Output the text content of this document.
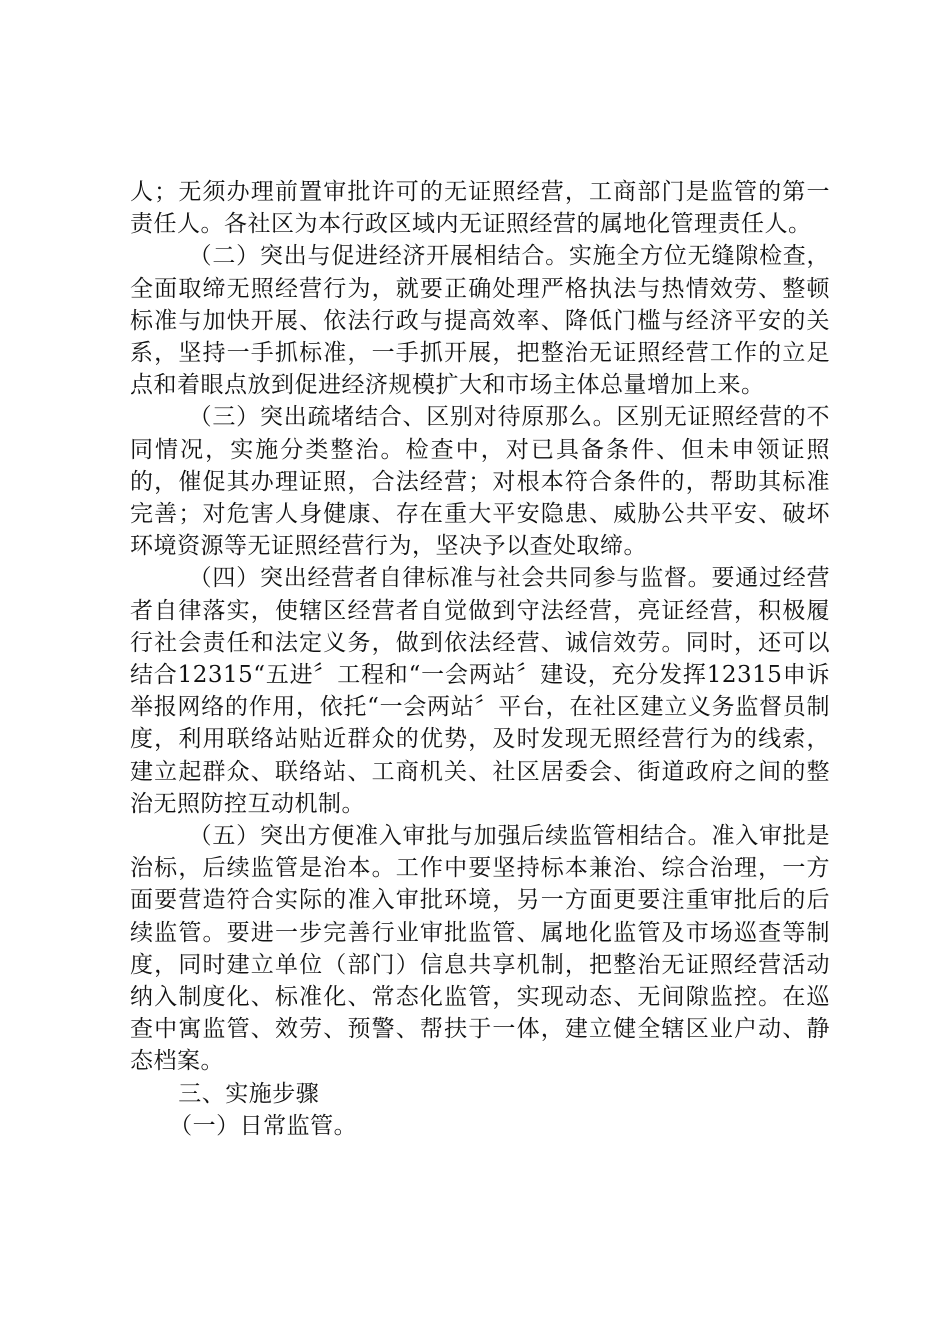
人；无须办理前置审批许可的无证照经营，工商部门是监管的第一责任人。各社区为本行政区域内无证照经营的属地化管理责任人。

（二）突出与促进经济开展相结合。实施全方位无缝隙检查，全面取缔无照经营行为，就要正确处理严格执法与热情效劳、整顿标准与加快开展、依法行政与提高效率、降低门槛与经济平安的关系，坚持一手抓标准，一手抓开展，把整治无证照经营工作的立足点和着眼点放到促进经济规模扩大和市场主体总量增加上来。

（三）突出疏堵结合、区别对待原那么。区别无证照经营的不同情况，实施分类整治。检查中，对已具备条件、但未申领证照的，催促其办理证照，合法经营；对根本符合条件的，帮助其标准完善；对危害人身健康、存在重大平安隐患、威胁公共平安、破坏环境资源等无证照经营行为，坚决予以查处取缔。

（四）突出经营者自律标准与社会共同参与监督。要通过经营者自律落实，使辖区经营者自觉做到守法经营，亮证经营，积极履行社会责任和法定义务，做到依法经营、诚信效劳。同时，还可以结合12315“五进〞工程和“一会两站〞建设，充分发挥12315申诉举报网络的作用，依托“一会两站〞平台，在社区建立义务监督员制度，利用联络站贴近群众的优势，及时发现无照经营行为的线索，建立起群众、联络站、工商机关、社区居委会、街道政府之间的整治无照防控互动机制。

（五）突出方便准入审批与加强后续监管相结合。准入审批是治标，后续监管是治本。工作中要坚持标本兼治、综合治理，一方面要营造符合实际的准入审批环境，另一方面更要注重审批后的后续监管。要进一步完善行业审批监管、属地化监管及市场巡查等制度，同时建立单位（部门）信息共享机制，把整治无证照经营活动纳入制度化、标准化、常态化监管，实现动态、无间隙监控。在巡查中寓监管、效劳、预警、帮扶于一体，建立健全辖区业户动、静态档案。

三、实施步骤

（一）日常监管。
